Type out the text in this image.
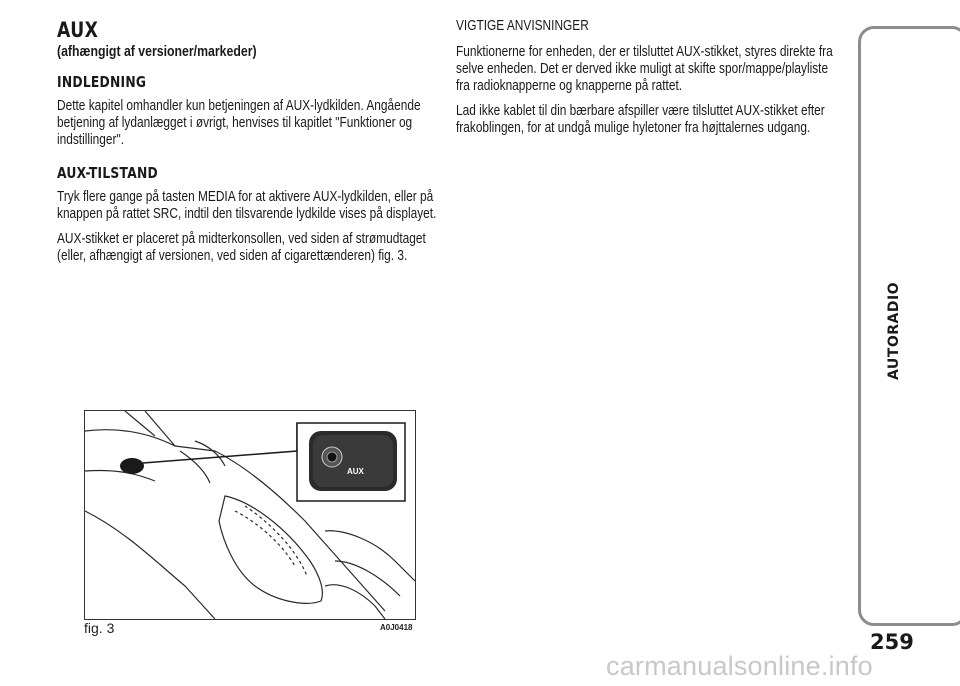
AUX
(afhængigt af versioner/markeder)
INDLEDNING

Dette kapitel omhandler kun betjeningen af AUX-lydkilden. Angående betjening af lydanlægget i øvrigt, henvises til kapitlet "Funktioner og indstillinger".

AUX-TILSTAND

Tryk flere gange på tasten MEDIA for at aktivere AUX-lydkilden, eller på knappen på rattet SRC, indtil den tilsvarende lydkilde vises på displayet.

AUX-stikket er placeret på midterkonsollen, ved siden af strømudtaget (eller, afhængigt af versionen, ved siden af cigarettænderen) fig. 3.

VIGTIGE ANVISNINGER

Funktionerne for enheden, der er tilsluttet AUX-stikket, styres direkte fra selve enheden. Det er derved ikke muligt at skifte spor/mappe/playliste fra radioknapperne og knapperne på rattet.

Lad ikke kablet til din bærbare afspiller være tilsluttet AUX-stikket efter frakoblingen, for at undgå mulige hyletoner fra højttalernes udgang.

AUX
fig. 3	A0J0418
AUTORADIO
259
carmanualsonline.info
